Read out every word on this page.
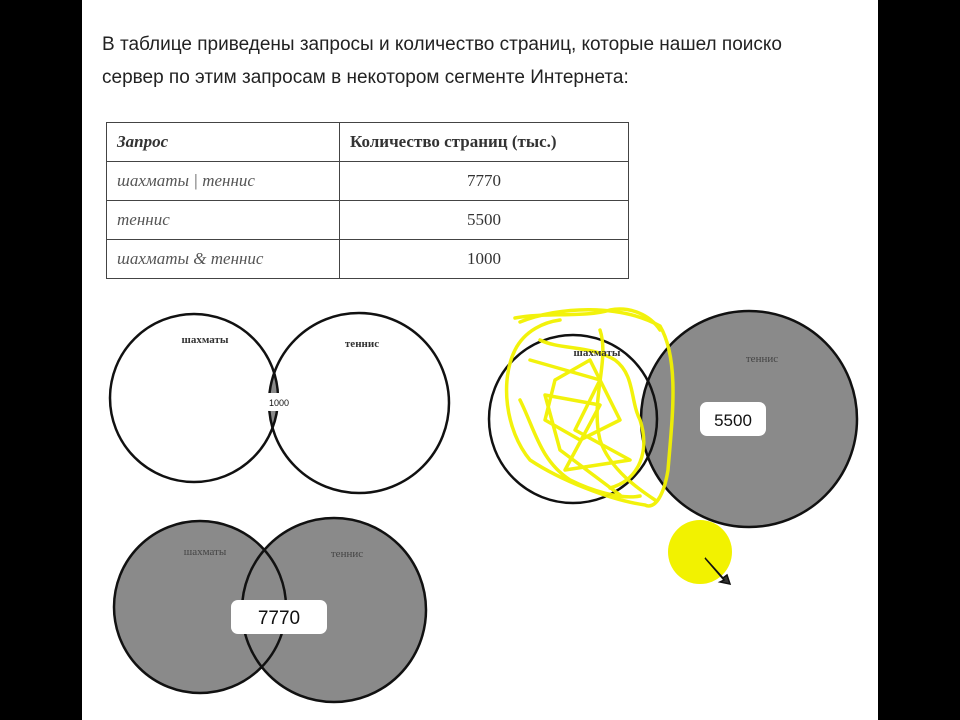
В таблице приведены запросы и количество страниц, которые нашел поиско
сервер по этим запросам в некотором сегменте Интернета:
Запрос	Количество страниц (тыс.)
шахматы | теннис	7770
теннис	5500
шахматы & теннис	1000
шахматы	теннис
1000
шахматы	теннис
5500
шахматы	теннис
7770
